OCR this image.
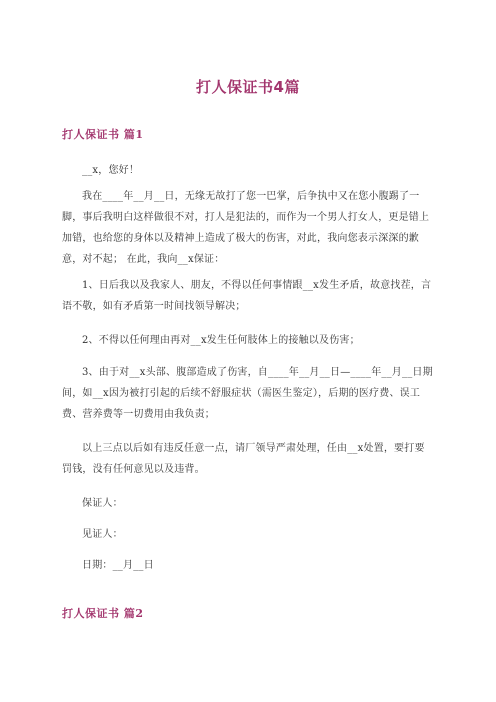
打人保证书4篇
打人保证书 篇1

__x，您好！

我在____年__月__日，无缘无故打了您一巴掌，后争执中又在您小腹踢了一脚，事后我明白这样做很不对，打人是犯法的，而作为一个男人打女人，更是错上加错，也给您的身体以及精神上造成了极大的伤害，对此，我向您表示深深的歉意，对不起； 在此，我向__x保证：

1、日后我以及我家人、朋友，不得以任何事情跟__x发生矛盾，故意找茬，言语不敬，如有矛盾第一时间找领导解决；

2、不得以任何理由再对__x发生任何肢体上的接触以及伤害；

3、由于对__x头部、腹部造成了伤害，自____年__月__日—____年__月__日期间，如__x因为被打引起的后续不舒服症状（需医生鉴定），后期的医疗费、误工费、营养费等一切费用由我负责；

以上三点以后如有违反任意一点，请厂领导严肃处理，任由__x处置，要打要罚钱，没有任何意见以及违背。

保证人：

见证人：

日期：__月__日

打人保证书 篇2
